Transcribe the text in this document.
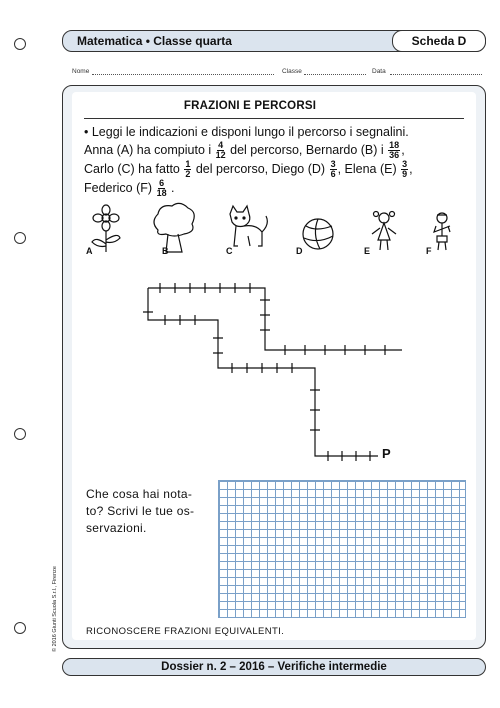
Matematica • Classe quarta	Scheda D
Nome	Classe	Data
FRAZIONI E PERCORSI
• Leggi le indicazioni e disponi lungo il percorso i segnalini.
Anna (A) ha compiuto i $\frac{4}{12}$ del percorso, Bernardo (B) i $\frac{18}{36}$ ,
Carlo (C) ha fatto $\frac{1}{2}$ del percorso, Diego $(D) \frac{3}{6}$ , Elena $(E) \frac{3}{9}$ ,
Federico $(F) \frac{6}{18}$ .
A	B	C	D	E	F
P
Che cosa hai nota-
to? Scrivi le tue os-
servazioni.
RICONOSCERE FRAZIONI EQUIVALENTI.
© 2016 Giunti Scuola S.r.l., Firenze
Dossier n. 2 – 2016 – Verifiche intermedie
